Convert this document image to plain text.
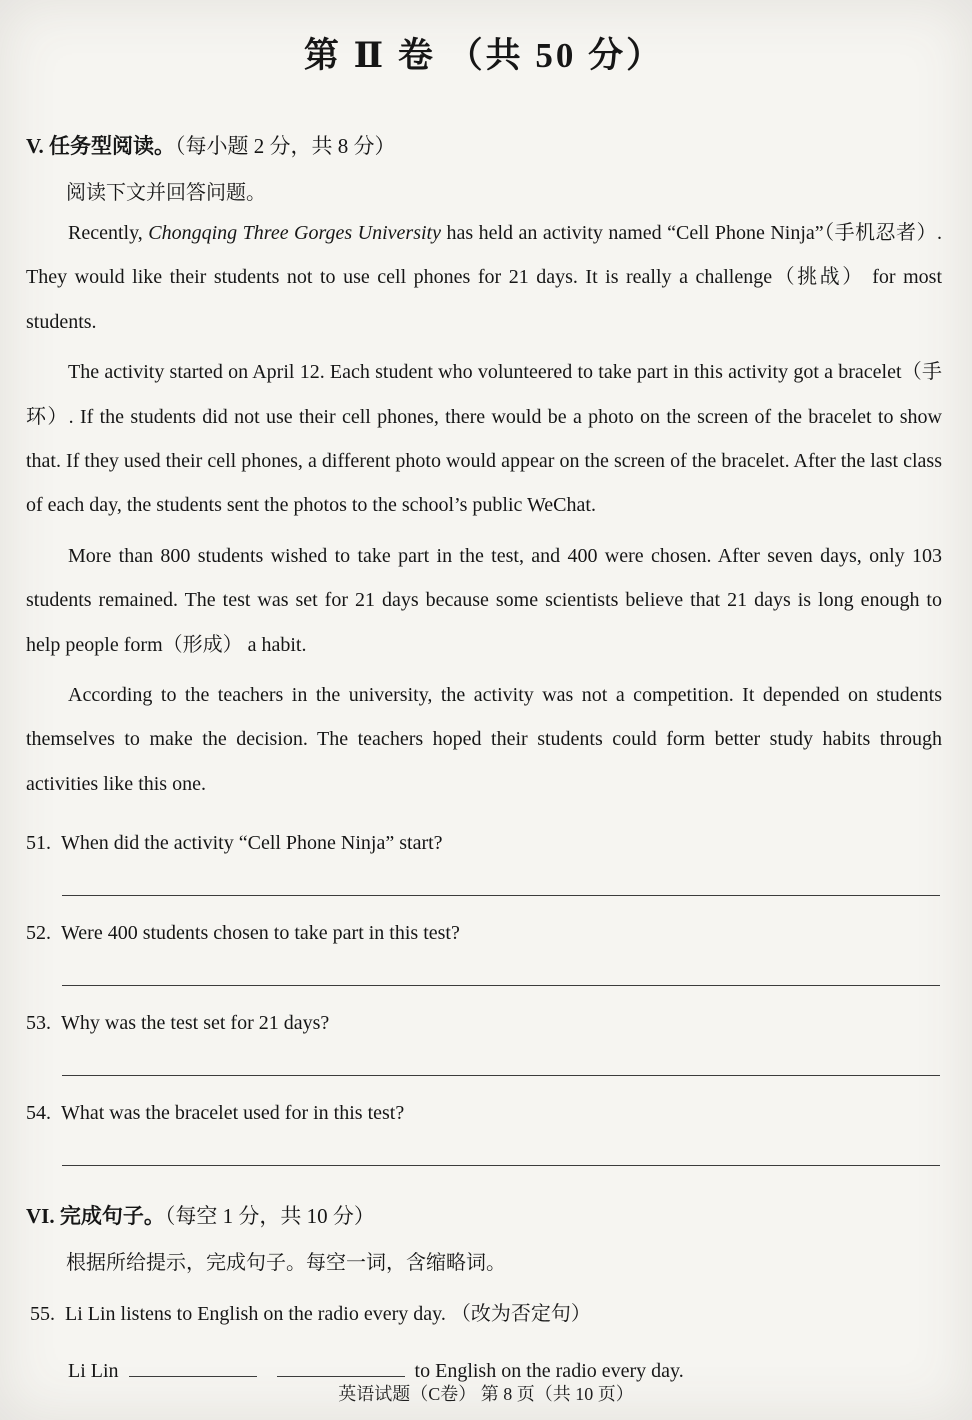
第 Ⅱ 卷 （共 50 分）
V. 任务型阅读。（每小题 2 分，共 8 分）
阅读下文并回答问题。

Recently, Chongqing Three Gorges University has held an activity named “Cell Phone Ninja”（手机忍者）. They would like their students not to use cell phones for 21 days. It is really a challenge（挑战） for most students.

The activity started on April 12. Each student who volunteered to take part in this activity got a bracelet（手环）. If the students did not use their cell phones, there would be a photo on the screen of the bracelet to show that. If they used their cell phones, a different photo would appear on the screen of the bracelet. After the last class of each day, the students sent the photos to the school’s public WeChat.

More than 800 students wished to take part in the test, and 400 were chosen. After seven days, only 103 students remained. The test was set for 21 days because some scientists believe that 21 days is long enough to help people form（形成） a habit.

According to the teachers in the university, the activity was not a competition. It depended on students themselves to make the decision. The teachers hoped their students could form better study habits through activities like this one.

51. When did the activity “Cell Phone Ninja” start?
52. Were 400 students chosen to take part in this test?
53. Why was the test set for 21 days?
54. What was the bracelet used for in this test?
VI. 完成句子。（每空 1 分，共 10 分）
根据所给提示，完成句子。每空一词，含缩略词。
55. Li Lin listens to English on the radio every day. （改为否定句）
Li Lin	to English on the radio every day.
英语试题（C卷） 第 8 页（共 10 页）
